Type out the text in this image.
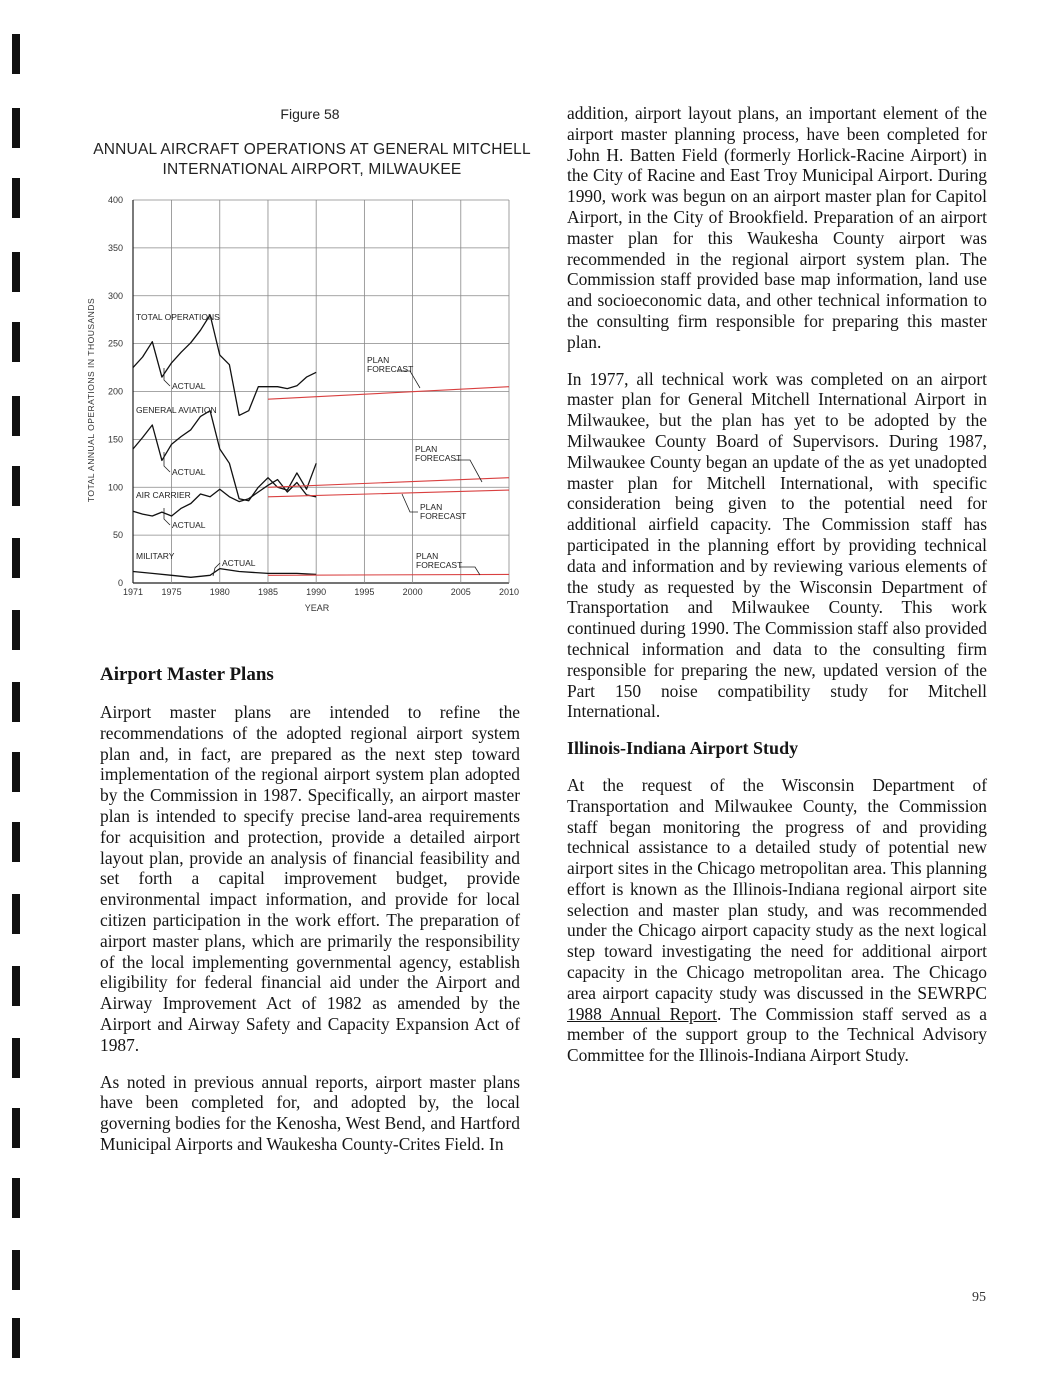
Figure 58
ANNUAL AIRCRAFT OPERATIONS AT GENERAL MITCHELL INTERNATIONAL AIRPORT, MILWAUKEE
0
50
100
150
200
250
300
350
400
1971 1975	1980	1985	1990	1995	2000	2005	2010
TOTAL ANNUAL OPERATIONS IN THOUSANDS
YEAR
TOTAL OPERATIONS
ACTUAL
GENERAL AVIATION
ACTUAL
AIR CARRIER
ACTUAL
MILITARY
ACTUAL
PLAN FORECAST
PLAN FORECAST
PLAN FORECAST
PLAN FORECAST
Airport Master Plans

Airport master plans are intended to refine the recommendations of the adopted regional airport system plan and, in fact, are prepared as the next step toward implementation of the regional airport system plan adopted by the Commission in 1987. Specifically, an airport master plan is intended to specify precise land-area requirements for acquisition and protection, provide a detailed airport layout plan, provide an analysis of financial feasibility and set forth a capital improvement budget, provide environmental impact information, and provide for local citizen participation in the work effort. The preparation of airport master plans, which are primarily the responsibility of the local implementing governmental agency, establish eligibility for federal financial aid under the Airport and Airway Improvement Act of 1982 as amended by the Airport and Airway Safety and Capacity Expansion Act of 1987.

As noted in previous annual reports, airport master plans have been completed for, and adopted by, the local governing bodies for the Kenosha, West Bend, and Hartford Municipal Airports and Waukesha County-Crites Field. In

addition, airport layout plans, an important element of the airport master planning process, have been completed for John H. Batten Field (formerly Horlick-Racine Airport) in the City of Racine and East Troy Municipal Airport. During 1990, work was begun on an airport master plan for Capitol Airport, in the City of Brookfield. Preparation of an airport master plan for this Waukesha County airport was recommended in the regional airport system plan. The Commission staff provided base map information, land use and socioeconomic data, and other technical information to the consulting firm responsible for preparing this master plan.

In 1977, all technical work was completed on an airport master plan for General Mitchell International Airport in Milwaukee, but the plan has yet to be adopted by the Milwaukee County Board of Supervisors. During 1987, Milwaukee County began an update of the as yet unadopted master plan for Mitchell International, with specific consideration being given to the potential need for additional airfield capacity. The Commission staff has participated in the planning effort by providing technical data and information and by reviewing various elements of the study as requested by the Wisconsin Department of Transportation and Milwaukee County. This work continued during 1990. The Commission staff also provided technical information and data to the consulting firm responsible for preparing the new, updated version of the Part 150 noise compatibility study for Mitchell International.

Illinois-Indiana Airport Study

At the request of the Wisconsin Department of Transportation and Milwaukee County, the Commission staff began monitoring the progress of and providing technical assistance to a detailed study of potential new airport sites in the Chicago metropolitan area. This planning effort is known as the Illinois-Indiana regional airport site selection and master plan study, and was recommended under the Chicago airport capacity study as the next logical step toward investigating the need for additional airport capacity in the Chicago metropolitan area. The Chicago area airport capacity study was discussed in the SEWRPC 1988 Annual Report. The Commission staff served as a member of the support group to the Technical Advisory Committee for the Illinois-Indiana Airport Study.

95
